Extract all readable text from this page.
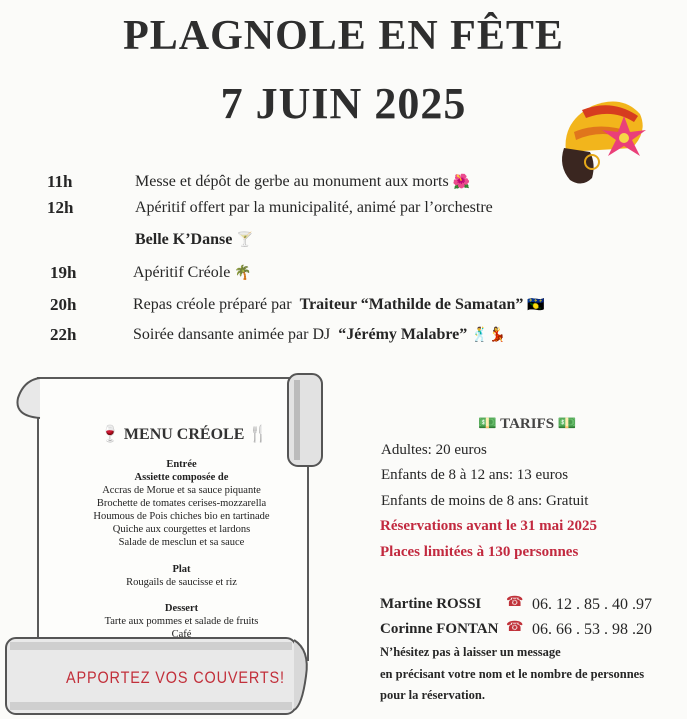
PLAGNOLE EN FÊTE
7 JUIN 2025
11h	Messe et dépôt de gerbe au monument aux morts 🌺
12h	Apéritif offert par la municipalité, animé par l’orchestre
Belle K’Danse 🍸
19h	Apéritif Créole 🌴
20h	Repas créole préparé par Traiteur “Mathilde de Samatan” 🇬🇵
22h	Soirée dansante animée par DJ “Jérémy Malabre” 🕺💃
🍷 MENU CRÉOLE 🍴
Entrée
Assiette composée de
Accras de Morue et sa sauce piquante
Brochette de tomates cerises-mozzarella
Houmous de Pois chiches bio en tartinade
Quiche aux courgettes et lardons
Salade de mesclun et sa sauce
Plat
Rougails de saucisse et riz
Dessert
Tarte aux pommes et salade de fruits
Café
APPORTEZ VOS COUVERTS!
💵 TARIFS 💵
Adultes: 20 euros
Enfants de 8 à 12 ans: 13 euros
Enfants de moins de 8 ans: Gratuit
Réservations avant le 31 mai 2025
Places limitées à 130 personnes
Martine ROSSI ☎ 06. 12 . 85 . 40 .97
Corinne FONTAN ☎ 06. 66 . 53 . 98 .20
N’hésitez pas à laisser un message
en précisant votre nom et le nombre de personnes
pour la réservation.
